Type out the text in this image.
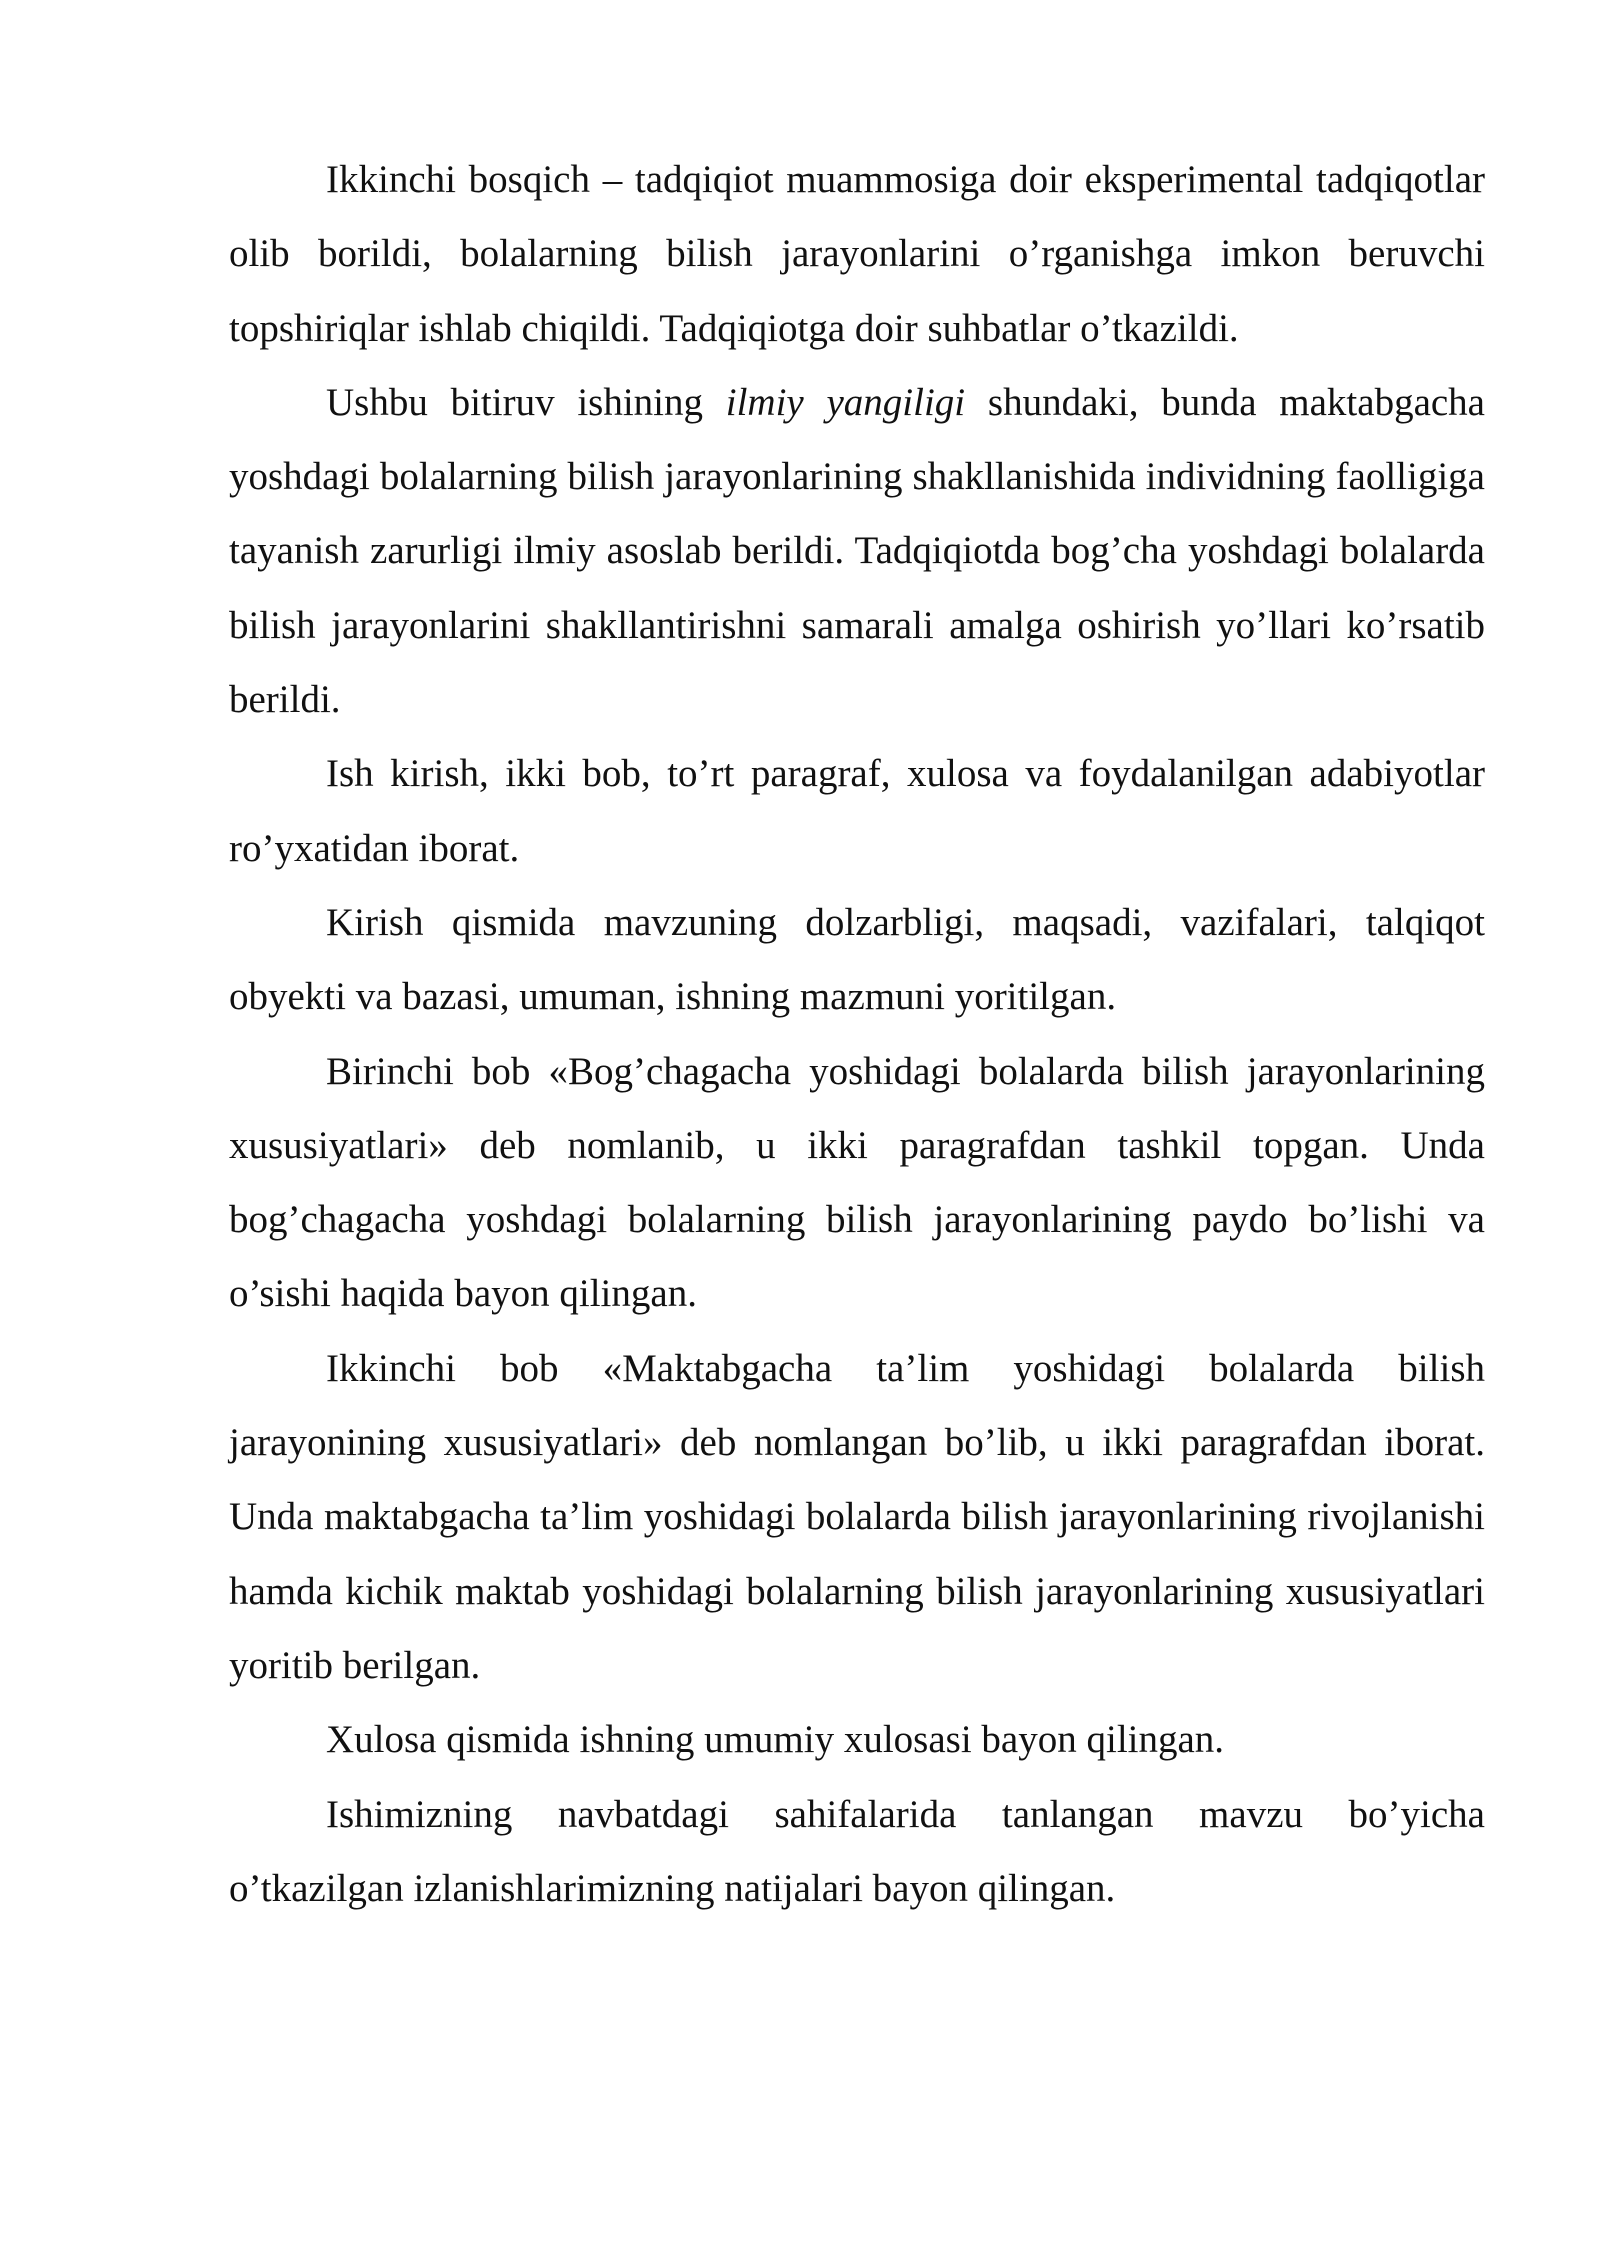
Ikkinchi bosqich – tadqiqiot muammosiga doir eksperimental tadqiqotlar olib borildi, bolalarning bilish jarayonlarini o’rganishga imkon beruvchi topshiriqlar ishlab chiqildi. Tadqiqiotga doir suhbatlar o’tkazildi.

Ushbu bitiruv ishining ilmiy yangiligi shundaki, bunda maktabgacha yoshdagi bolalarning bilish jarayonlarining shakllanishida individning faolligiga tayanish zarurligi ilmiy asoslab berildi. Tadqiqiotda bog’cha yoshdagi bolalarda bilish jarayonlarini shakllantirishni samarali amalga oshirish yo’llari ko’rsatib berildi.

Ish kirish, ikki bob, to’rt paragraf, xulosa va foydalanilgan adabiyotlar ro’yxatidan iborat.

Kirish qismida mavzuning dolzarbligi, maqsadi, vazifalari, talqiqot obyekti va bazasi, umuman, ishning mazmuni yoritilgan.

Birinchi bob «Bog’chagacha yoshidagi bolalarda bilish jarayonlarining xususiyatlari» deb nomlanib, u ikki paragrafdan tashkil topgan. Unda bog’chagacha yoshdagi bolalarning bilish jarayonlarining paydo bo’lishi va o’sishi haqida bayon qilingan.

Ikkinchi bob «Maktabgacha ta’lim yoshidagi bolalarda bilish jarayonining xususiyatlari» deb nomlangan bo’lib, u ikki paragrafdan iborat. Unda maktabgacha ta’lim yoshidagi bolalarda bilish jarayonlarining rivojlanishi hamda kichik maktab yoshidagi bolalarning bilish jarayonlarining xususiyatlari yoritib berilgan.

Xulosa qismida ishning umumiy xulosasi bayon qilingan.

Ishimizning navbatdagi sahifalarida tanlangan mavzu bo’yicha o’tkazilgan izlanishlarimizning natijalari bayon qilingan.
